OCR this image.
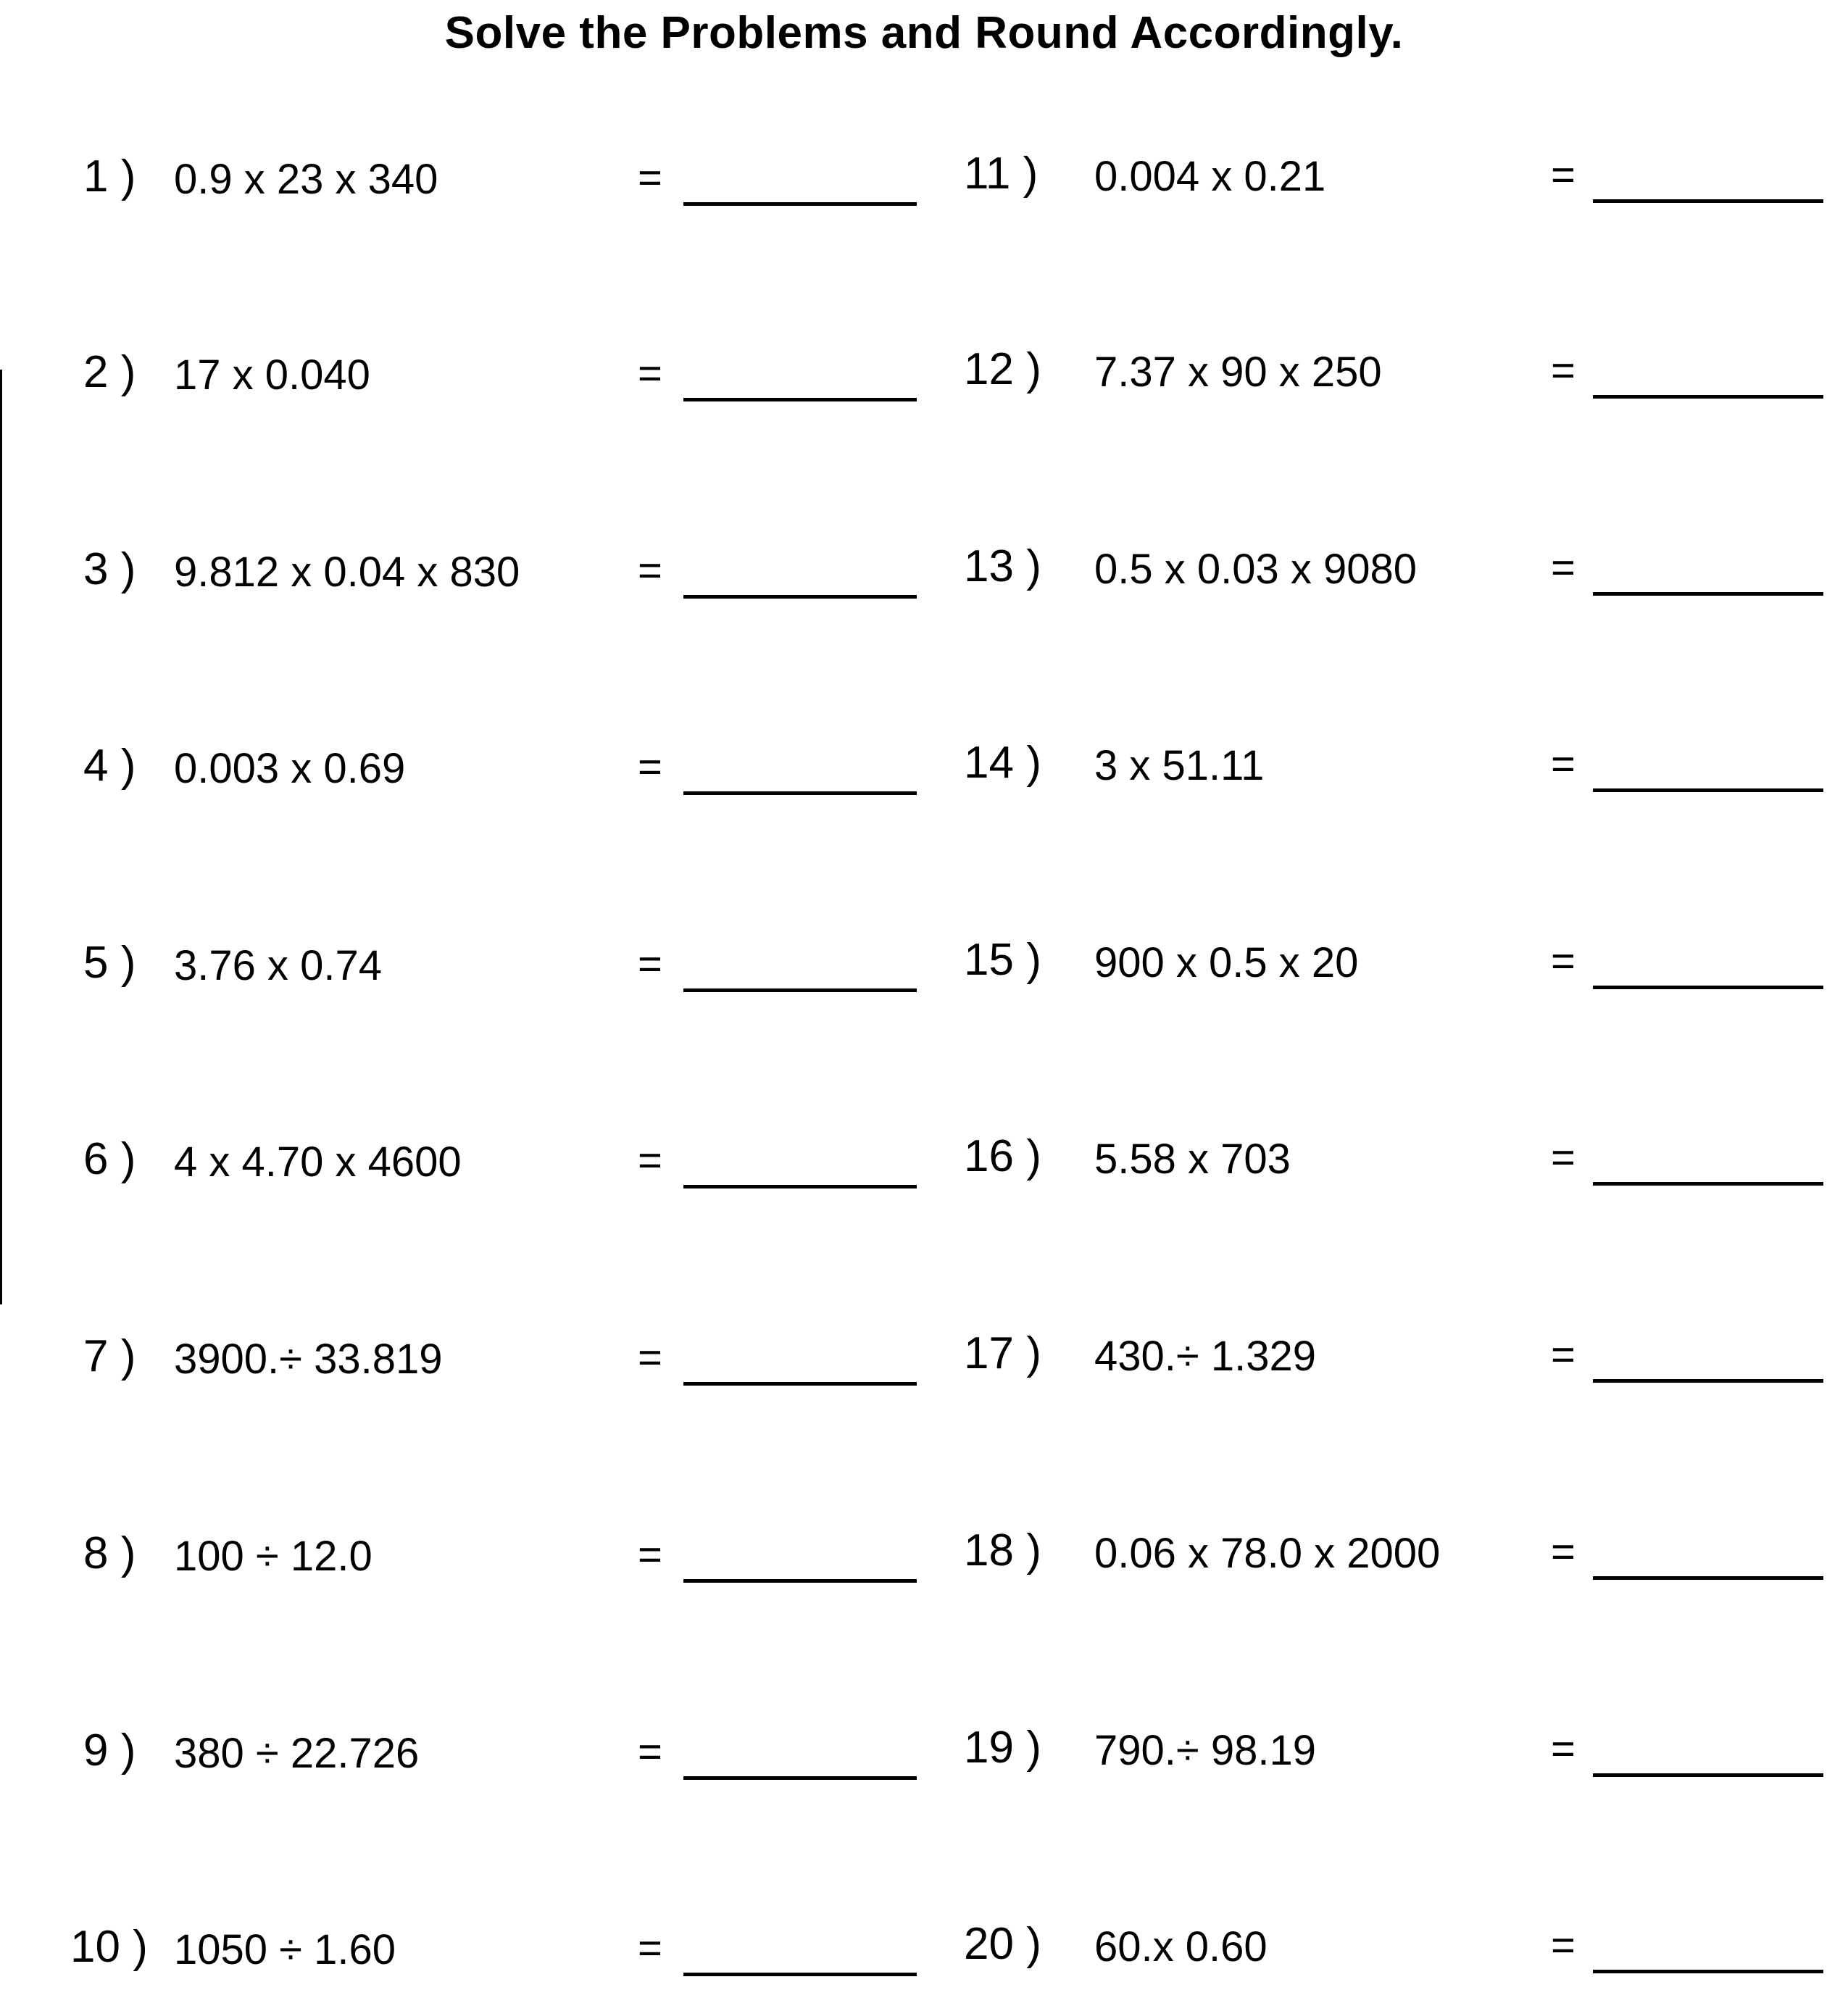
Solve the Problems and Round Accordingly.
1 ) 0.9 x 23 x 340	=
2 ) 17 x 0.040	=
3 ) 9.812 x 0.04 x 830	=
4 ) 0.003 x 0.69	=
5 ) 3.76 x 0.74	=
6 ) 4 x 4.70 x 4600	=
7 ) 3900.÷ 33.819	=
8 ) 100 ÷ 12.0	=
9 ) 380 ÷ 22.726	=
10 ) 1050 ÷ 1.60	=
11 ) 0.004 x 0.21	=
12 ) 7.37 x 90 x 250	=
13 ) 0.5 x 0.03 x 9080	=
14 ) 3 x 51.11	=
15 ) 900 x 0.5 x 20	=
16 ) 5.58 x 703	=
17 ) 430.÷ 1.329	=
18 ) 0.06 x 78.0 x 2000	=
19 ) 790.÷ 98.19	=
20 ) 60.x 0.60	=
